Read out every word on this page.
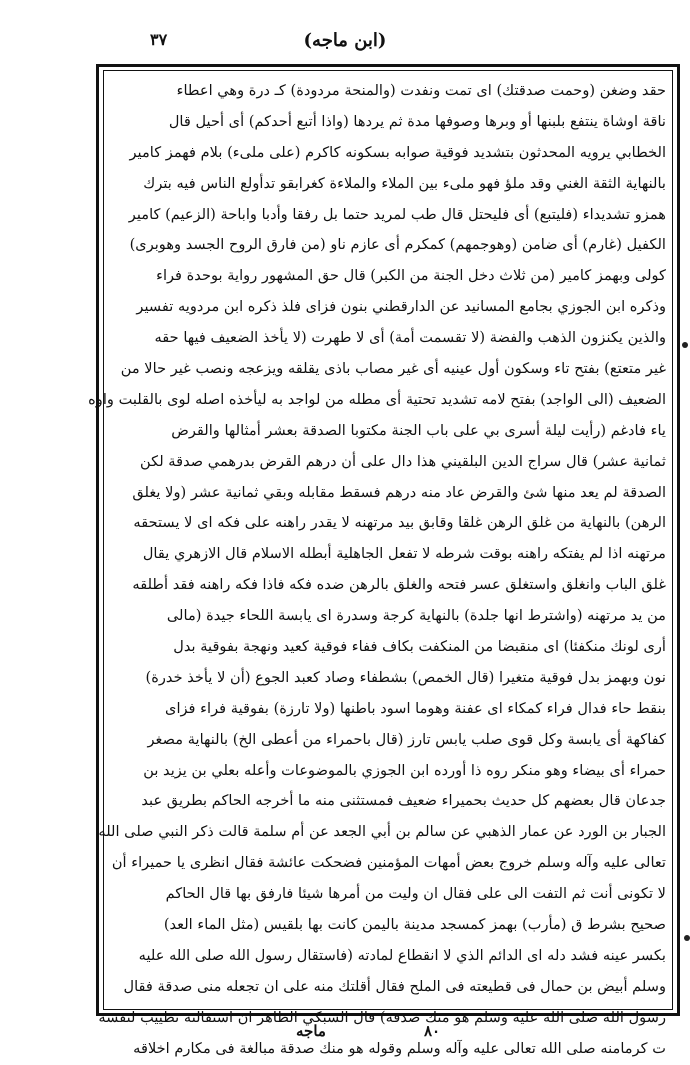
٣٧	(ابن ماجه)
حقد وضغن (وحمت صدقتك) اى تمت ونفدت (والمنحة مردودة) كـ درة وهي اعطاء
ناقة اوشاة ينتفع بلبنها أو وبرها وصوفها مدة ثم يردها (واذا أتبع أحدكم) أى أحيل قال
الخطابي يرويه المحدثون بتشديد فوقية صوابه بسكونه كاكرم (على ملىء) بلام فهمز كامير
بالنهاية الثقة الغني وقد ملؤ فهو ملىء بين الملاء والملاءة كغرابقو تدأولع الناس فيه بترك
همزو تشديداء (فليتبع) أى فليحتل قال طب لمريد حتما بل رفقا وأدبا واباحة (الزعيم) كامير
الكفيل (غارم) أى ضامن (وهوجمهم) كمكرم أى عازم ناو (من فارق الروح الجسد وهوبرى)
كولى وبهمز كامير (من ثلاث دخل الجنة من الكبر) قال حق المشهور رواية بوحدة فراء
وذكره ابن الجوزي بجامع المسانيد عن الدارقطني بنون فزاى فلذ ذكره ابن مردويه تفسير
والذين يكنزون الذهب والفضة (لا تقسمت أمة) أى لا طهرت (لا يأخذ الضعيف فيها حقه
غير متعتع) بفتح تاء وسكون أول عينيه أى غير مصاب باذى يقلقه ويزعجه ونصب غير حالا من
الضعيف (الى الواجد) بفتح لامه تشديد تحتية أى مطله من لواجد به ليأخذه اصله لوى بالقلبت واوه
ياء فادغم (رأيت ليلة أسرى بي على باب الجنة مكتوبا الصدقة بعشر أمثالها والقرض
ثمانية عشر) قال سراج الدين البلقيني هذا دال على أن درهم القرض بدرهمي صدقة لكن
الصدقة لم يعد منها شئ والقرض عاد منه درهم فسقط مقابله وبقي ثمانية عشر (ولا يغلق
الرهن) بالنهاية من غلق الرهن غلقا وقابق بيد مرتهنه لا يقدر راهنه على فكه اى لا يستحقه
مرتهنه اذا لم يفتكه راهنه بوقت شرطه لا تفعل الجاهلية أبطله الاسلام قال الازهري يقال
غلق الباب وانغلق واستغلق عسر فتحه والغلق بالرهن ضده فكه فاذا فكه راهنه فقد أطلقه
من يد مرتهنه (واشترط انها جلدة) بالنهاية كرجة وسدرة اى يابسة اللحاء جيدة (مالى
أرى لونك منكفئا) اى منقبضا من المنكفت بكاف ففاء فوقية كعيد ونهجة بفوقية بدل
نون وبهمز بدل فوقية متغيرا (قال الخمص) بشطفاء وصاد كعبد الجوع (أن لا يأخذ خدرة)
بنقط حاء فدال فراء كمكاء اى عفنة وهوما اسود باطنها (ولا تارزة) بفوقية فراء فزاى
كفاكهة أى يابسة وكل قوى صلب يابس تارز (قال باحمراء من أعطى الخ) بالنهاية مصغر
حمراء أى بيضاء وهو منكر روه ذا أورده ابن الجوزي بالموضوعات وأعله بعلي بن يزيد بن
جدعان قال بعضهم كل حديث بحميراء ضعيف فمستثنى منه ما أخرجه الحاكم بطريق عبد
الجبار بن الورد عن عمار الذهبي عن سالم بن أبي الجعد عن أم سلمة قالت ذكر النبي صلى الله
تعالى عليه وآله وسلم خروج بعض أمهات المؤمنين فضحكت عائشة فقال انظرى يا حميراء أن
لا تكونى أنت ثم التفت الى على فقال ان وليت من أمرها شيئا فارفق بها قال الحاكم
صحيح بشرط ق (مأرب) بهمز كمسجد مدينة باليمن كانت بها بلقيس (مثل الماء العد)
بكسر عينه فشد دله اى الدائم الذي لا انقطاع لمادته (فاستقال رسول الله صلى الله عليه
وسلم أبيض بن حمال فى قطيعته فى الملح فقال أقلتك منه على ان تجعله منى صدقة فقال
رسول الله صلى الله عليه وسلم هو منك صدقة) قال السبكي الظاهر ان استقالته تطييب لنفسه
ت كرمامنه صلى الله تعالى عليه وآله وسلم وقوله هو منك صدقة مبالغة فى مكارم اخلاقه
٨٠
ماجه
